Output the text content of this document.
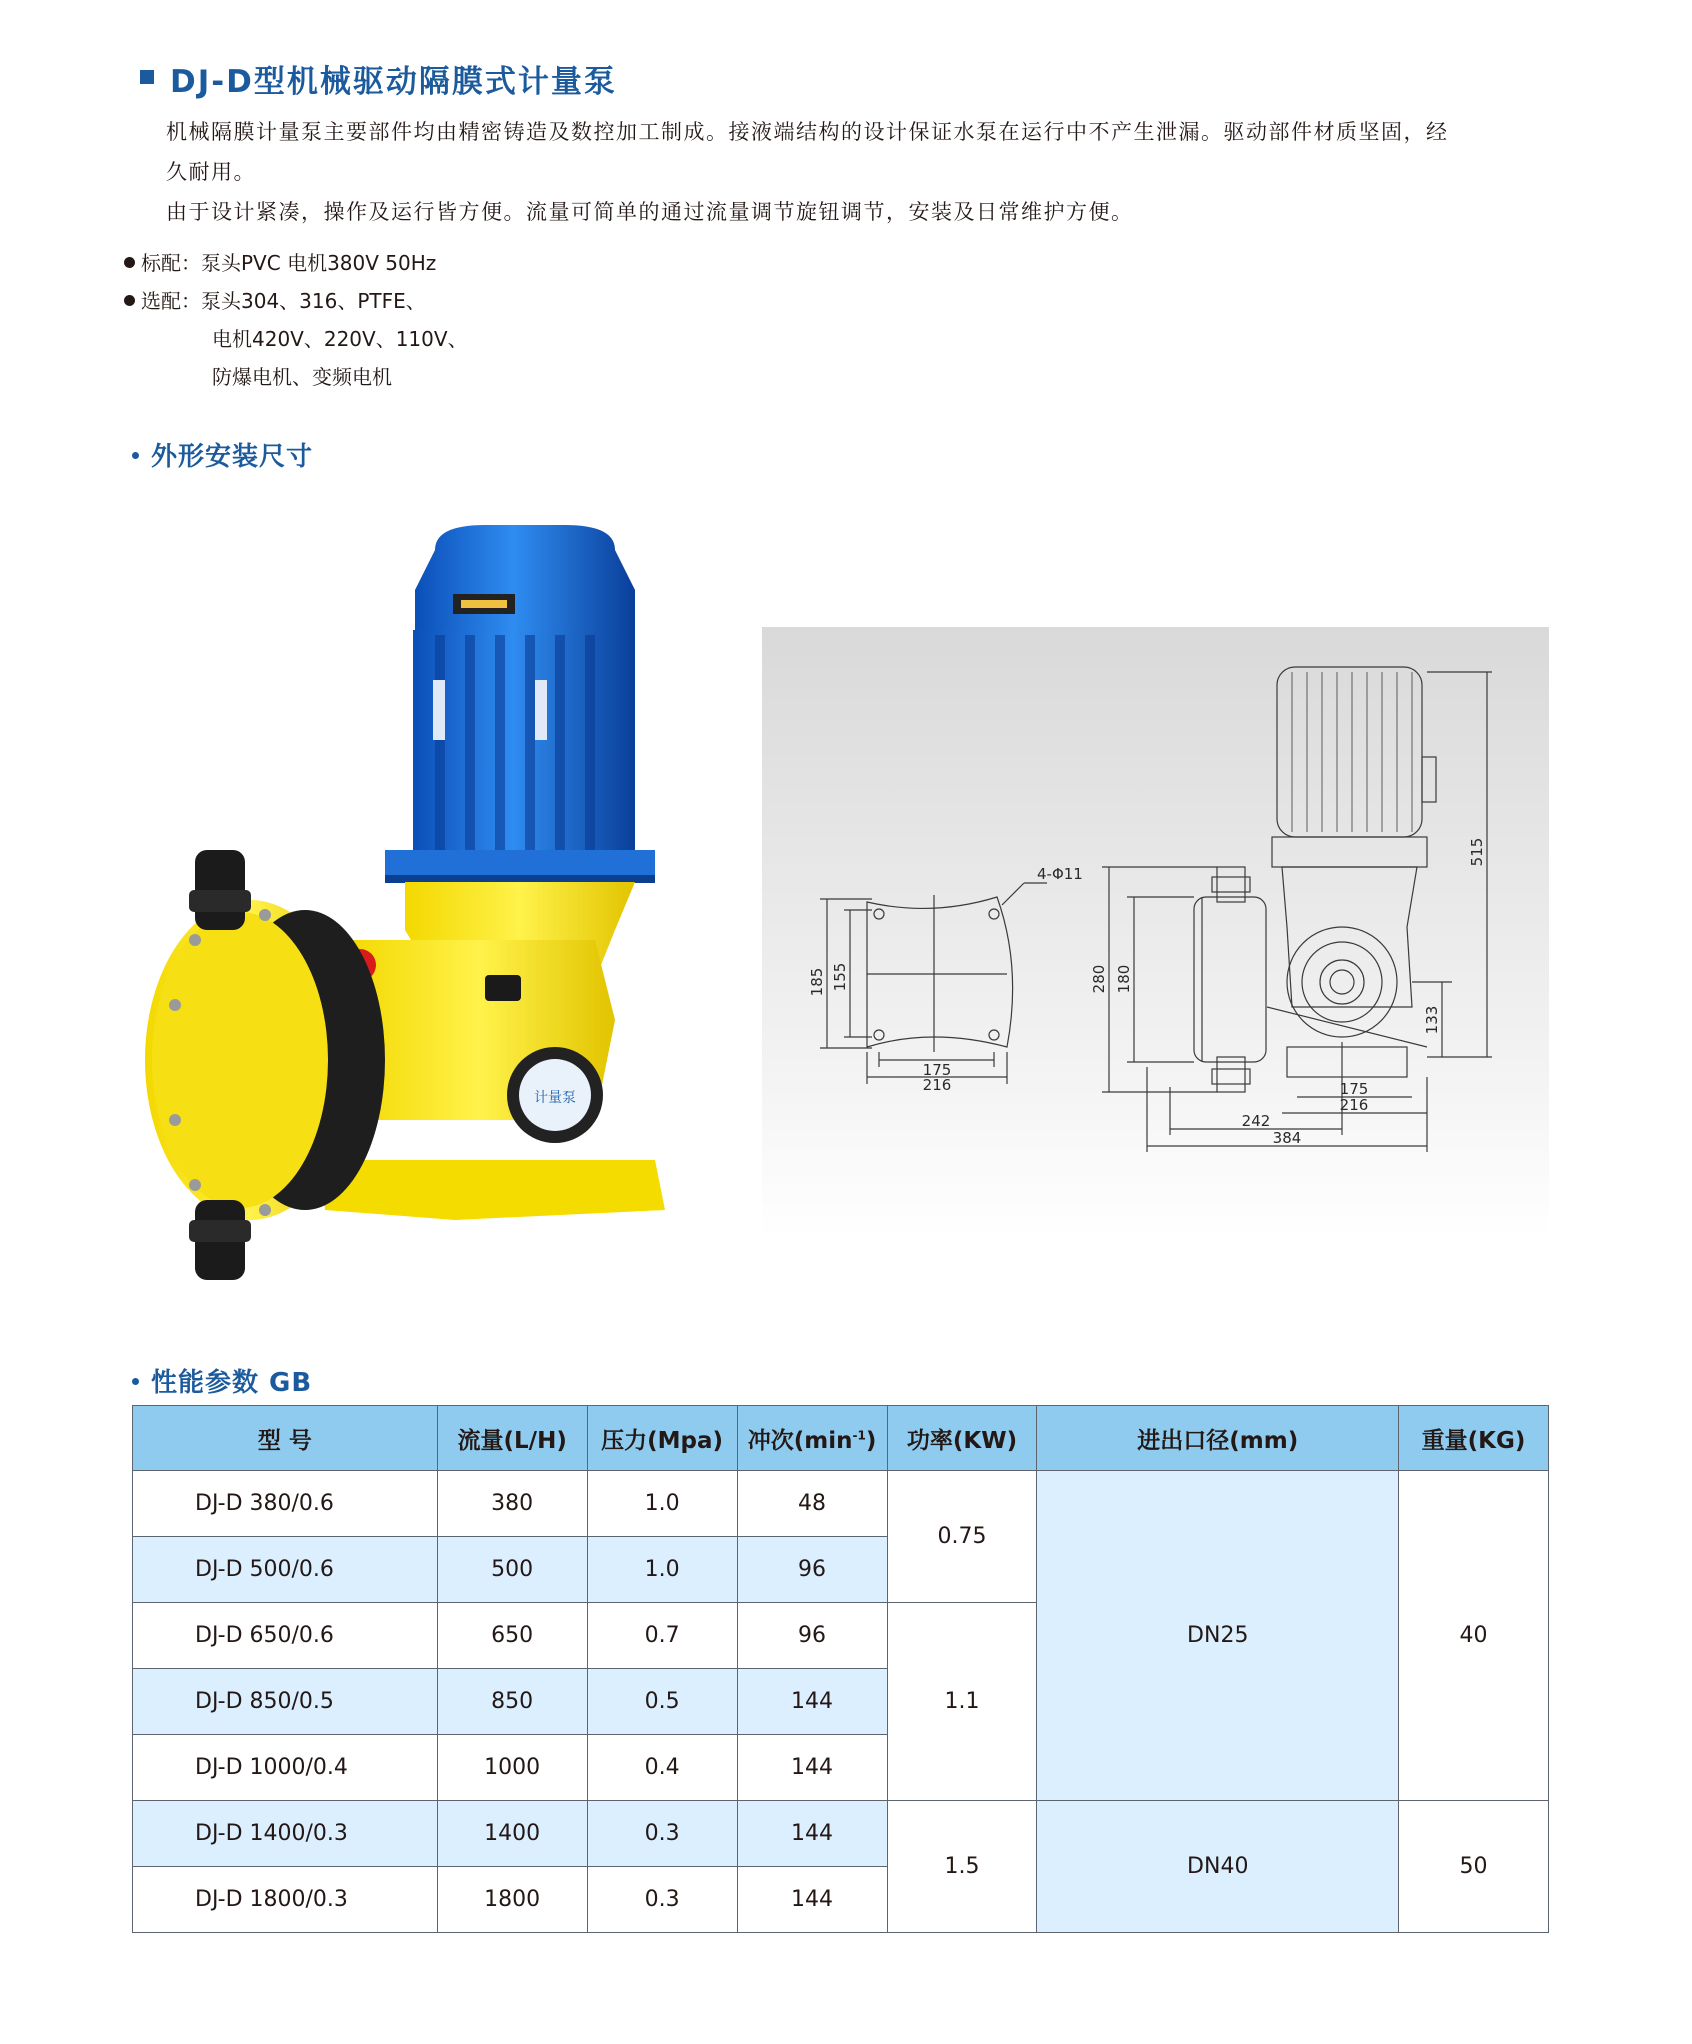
DJ-D型机械驱动隔膜式计量泵

机械隔膜计量泵主要部件均由精密铸造及数控加工制成。接液端结构的设计保证水泵在运行中不产生泄漏。驱动部件材质坚固，经久耐用。

由于设计紧凑，操作及运行皆方便。流量可简单的通过流量调节旋钮调节，安装及日常维护方便。

标配：泵头PVC 电机380V 50Hz
选配：泵头304、316、PTFE、
电机420V、220V、110V、
防爆电机、变频电机
外形安装尺寸
计量泵
4-Φ11
185 155
175
216
280 180
515
133
175
216
242
384
性能参数 GB
型 号	流量(L/H)	压力(Mpa)	冲次$(\min^{-1})$	功率(KW)	进出口径(mm)	重量(KG)
DJ-D 380/0.6	380	1.0	48	0.75	DN25	40
DJ-D 500/0.6	500	1.0	96			
DJ-D 650/0.6	650	0.7	96	1.1		
DJ-D 850/0.5	850	0.5	144			
DJ-D 1000/0.4	1000	0.4	144			
DJ-D 1400/0.3	1400	0.3	144	1.5	DN40	50
DJ-D 1800/0.3	1800	0.3	144			
